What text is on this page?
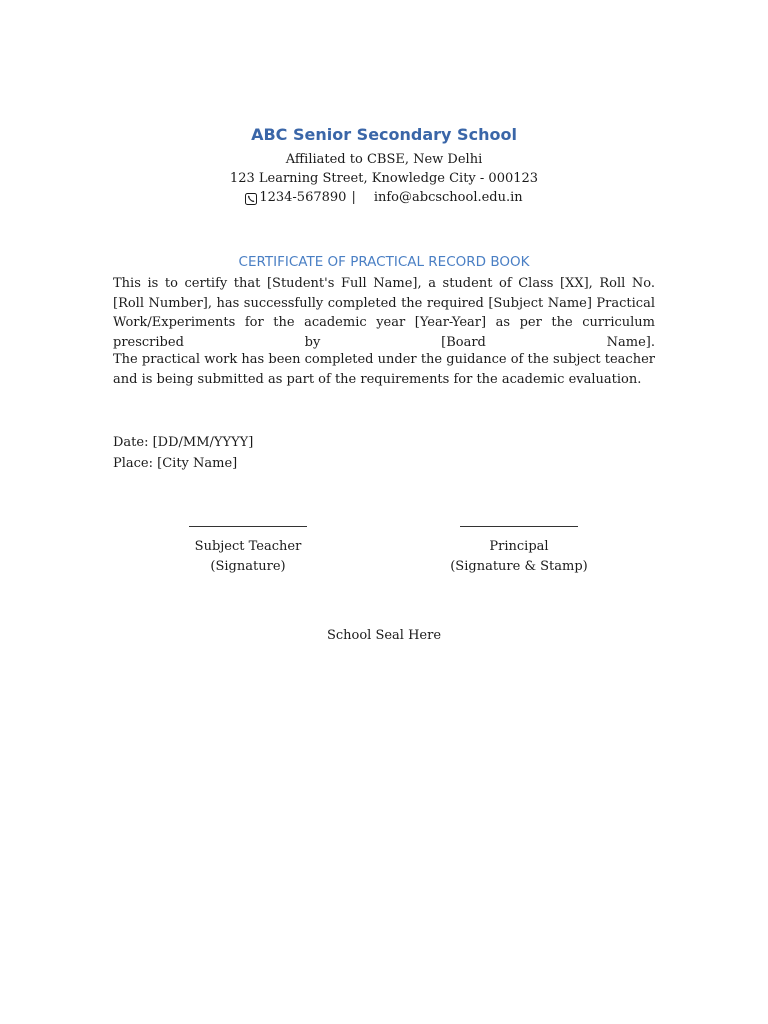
ABC Senior Secondary School
Affiliated to CBSE, New Delhi
123 Learning Street, Knowledge City - 000123
1234-567890 | info@abcschool.edu.in
CERTIFICATE OF PRACTICAL RECORD BOOK

This is to certify that [Student's Full Name], a student of Class [XX], Roll No. [Roll Number], has successfully completed the required [Subject Name] Practical Work/Experiments for the academic year [Year-Year] as per the curriculum prescribed by [Board Name].

The practical work has been completed under the guidance of the subject teacher and is being submitted as part of the requirements for the academic evaluation.

Date: [DD/MM/YYYY]
Place: [City Name]
Subject Teacher
(Signature)
Principal
(Signature & Stamp)
School Seal Here
